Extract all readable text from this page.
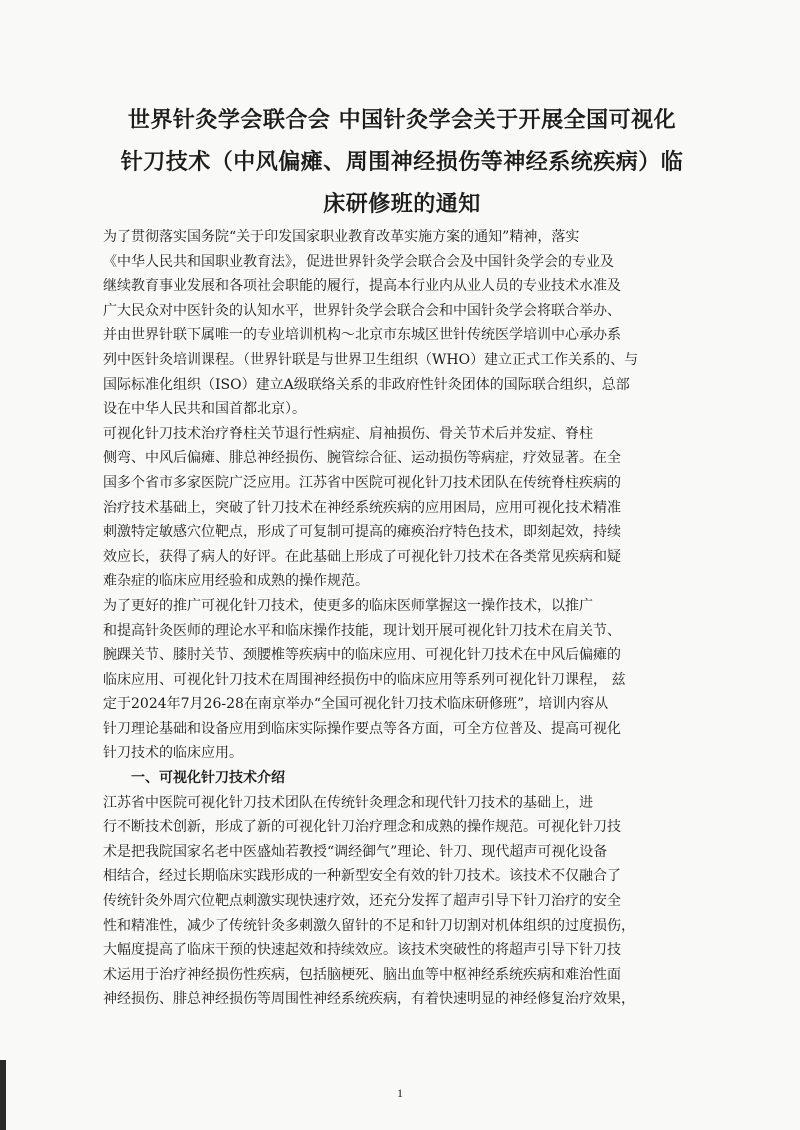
世界针灸学会联合会 中国针灸学会关于开展全国可视化
针刀技术（中风偏瘫、周围神经损伤等神经系统疾病）临
床研修班的通知

为了贯彻落实国务院“关于印发国家职业教育改革实施方案的通知”精神，落实
《中华人民共和国职业教育法》，促进世界针灸学会联合会及中国针灸学会的专业及
继续教育事业发展和各项社会职能的履行，提高本行业内从业人员的专业技术水准及
广大民众对中医针灸的认知水平，世界针灸学会联合会和中国针灸学会将联合举办、
并由世界针联下属唯一的专业培训机构～北京市东城区世针传统医学培训中心承办系
列中医针灸培训课程。（世界针联是与世界卫生组织（WHO）建立正式工作关系的、与
国际标准化组织（ISO）建立A级联络关系的非政府性针灸团体的国际联合组织，总部
设在中华人民共和国首都北京）。

可视化针刀技术治疗脊柱关节退行性病症、肩袖损伤、骨关节术后并发症、脊柱
侧弯、中风后偏瘫、腓总神经损伤、腕管综合征、运动损伤等病症，疗效显著。在全
国多个省市多家医院广泛应用。江苏省中医院可视化针刀技术团队在传统脊柱疾病的
治疗技术基础上，突破了针刀技术在神经系统疾病的应用困局，应用可视化技术精准
刺激特定敏感穴位靶点，形成了可复制可提高的瘫痪治疗特色技术，即刻起效，持续
效应长，获得了病人的好评。在此基础上形成了可视化针刀技术在各类常见疾病和疑
难杂症的临床应用经验和成熟的操作规范。

为了更好的推广可视化针刀技术，使更多的临床医师掌握这一操作技术，以推广
和提高针灸医师的理论水平和临床操作技能，现计划开展可视化针刀技术在肩关节、
腕踝关节、膝肘关节、颈腰椎等疾病中的临床应用、可视化针刀技术在中风后偏瘫的
临床应用、可视化针刀技术在周围神经损伤中的临床应用等系列可视化针刀课程， 兹
定于2024年7月26-28在南京举办“全国可视化针刀技术临床研修班”，培训内容从
针刀理论基础和设备应用到临床实际操作要点等各方面，可全方位普及、提高可视化
针刀技术的临床应用。

一、可视化针刀技术介绍

江苏省中医院可视化针刀技术团队在传统针灸理念和现代针刀技术的基础上，进
行不断技术创新，形成了新的可视化针刀治疗理念和成熟的操作规范。可视化针刀技
术是把我院国家名老中医盛灿若教授“调经御气”理论、针刀、现代超声可视化设备
相结合，经过长期临床实践形成的一种新型安全有效的针刀技术。该技术不仅融合了
传统针灸外周穴位靶点刺激实现快速疗效，还充分发挥了超声引导下针刀治疗的安全
性和精准性，减少了传统针灸多刺激久留针的不足和针刀切割对机体组织的过度损伤，
大幅度提高了临床干预的快速起效和持续效应。该技术突破性的将超声引导下针刀技
术运用于治疗神经损伤性疾病，包括脑梗死、脑出血等中枢神经系统疾病和难治性面
神经损伤、腓总神经损伤等周围性神经系统疾病，有着快速明显的神经修复治疗效果，

1
